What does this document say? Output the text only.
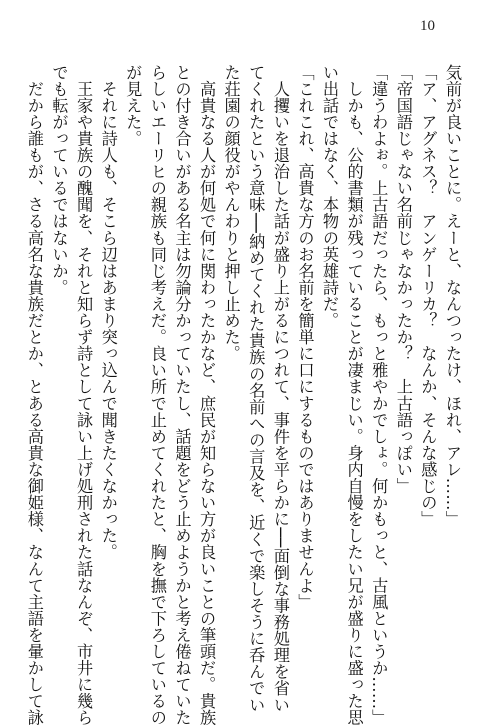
10
気前が良いことに。えーと、なんつったけ、ほれ、アレ……」
「ア、アグネス？　アンゲーリカ？　なんか、そんな感じの」
「帝国語じゃない名前じゃなかったか？　上古語っぽい」
「違うわよぉ。上古語だったら、もっと雅やかでしょ。何かもっと、古風というか……」
　しかも、公的書類が残っていることが凄まじい。身内自慢をしたい兄が盛りに盛った思
い出話ではなく、本物の英雄詩だ。
「これこれ、高貴な方のお名前を簡単に口にするものではありませんよ」
　人攫いを退治した話が盛り上がるにつれて、事件を平らかに──面倒な事務処理を省い
てくれたという意味──納めてくれた貴族の名前への言及を、近くで楽しそうに呑んでい
た荘園の顔役がやんわりと押し止めた。
　高貴なる人が何処で何に関わったかなど、庶民が知らない方が良いことの筆頭だ。貴族
との付き合いがある名主は勿論分かっていたし、話題をどう止めようかと考え倦ねていた
らしいエーリヒの親族も同じ考えだ。良い所で止めてくれたと、胸を撫で下ろしているの
が見えた。
　それに詩人も、そこら辺はあまり突っ込んで聞きたくなかった。
　王家や貴族の醜聞を、それと知らず詩として詠い上げ処刑された話なんぞ、市井に幾ら
でも転がっているではないか。
　だから誰もが、さる高名な貴族だとか、とある高貴な御姫様、なんて主語を暈かして詠
